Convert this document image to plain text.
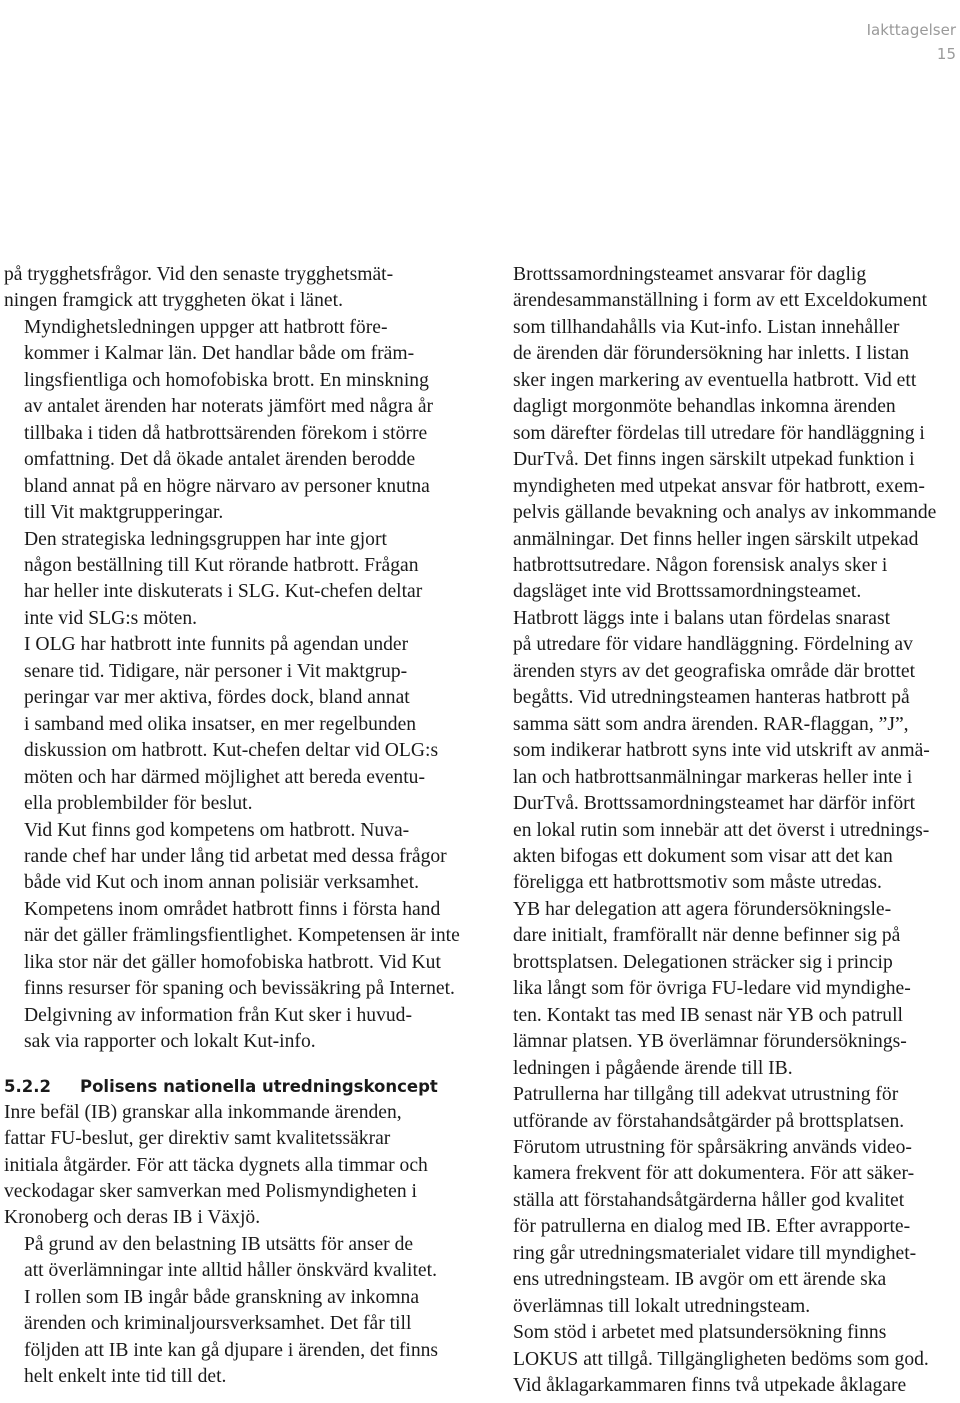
Iakttagelser
15

på trygghetsfrågor. Vid den senaste trygghetsmät-
ningen framgick att tryggheten ökat i länet.

Myndighetsledningen uppger att hatbrott före-
kommer i Kalmar län. Det handlar både om främ-
lingsfientliga och homofobiska brott. En minskning
av antalet ärenden har noterats jämfört med några år
tillbaka i tiden då hatbrottsärenden förekom i större
omfattning. Det då ökade antalet ärenden berodde
bland annat på en högre närvaro av personer knutna
till Vit maktgrupperingar.

Den strategiska ledningsgruppen har inte gjort
någon beställning till Kut rörande hatbrott. Frågan
har heller inte diskuterats i SLG. Kut-chefen deltar
inte vid SLG:s möten.

I OLG har hatbrott inte funnits på agendan under
senare tid. Tidigare, när personer i Vit maktgrup-
peringar var mer aktiva, fördes dock, bland annat
i samband med olika insatser, en mer regelbunden
diskussion om hatbrott. Kut-chefen deltar vid OLG:s
möten och har därmed möjlighet att bereda eventu-
ella problembilder för beslut.

Vid Kut finns god kompetens om hatbrott. Nuva-
rande chef har under lång tid arbetat med dessa frågor
både vid Kut och inom annan polisiär verksamhet.
Kompetens inom området hatbrott finns i första hand
när det gäller främlingsfientlighet. Kompetensen är inte
lika stor när det gäller homofobiska hatbrott. Vid Kut
finns resurser för spaning och bevissäkring på Internet.

Delgivning av information från Kut sker i huvud-
sak via rapporter och lokalt Kut-info.

5.2.2 Polisens nationella utredningskoncept

Inre befäl (IB) granskar alla inkommande ärenden,
fattar FU-beslut, ger direktiv samt kvalitetssäkrar
initiala åtgärder. För att täcka dygnets alla timmar och
veckodagar sker samverkan med Polismyndigheten i
Kronoberg och deras IB i Växjö.

På grund av den belastning IB utsätts för anser de
att överlämningar inte alltid håller önskvärd kvalitet.
I rollen som IB ingår både granskning av inkomna
ärenden och kriminaljoursverksamhet. Det får till
följden att IB inte kan gå djupare i ärenden, det finns
helt enkelt inte tid till det.

Brottssamordningsteamet ansvarar för daglig
ärendesammanställning i form av ett Exceldokument
som tillhandahålls via Kut-info. Listan innehåller
de ärenden där förundersökning har inletts. I listan
sker ingen markering av eventuella hatbrott. Vid ett
dagligt morgonmöte behandlas inkomna ärenden
som därefter fördelas till utredare för handläggning i
DurTvå. Det finns ingen särskilt utpekad funktion i
myndigheten med utpekat ansvar för hatbrott, exem-
pelvis gällande bevakning och analys av inkommande
anmälningar. Det finns heller ingen särskilt utpekad
hatbrottsutredare. Någon forensisk analys sker i
dagsläget inte vid Brottssamordningsteamet.

Hatbrott läggs inte i balans utan fördelas snarast
på utredare för vidare handläggning. Fördelning av
ärenden styrs av det geografiska område där brottet
begåtts. Vid utredningsteamen hanteras hatbrott på
samma sätt som andra ärenden. RAR-flaggan, ”J”,
som indikerar hatbrott syns inte vid utskrift av anmä-
lan och hatbrottsanmälningar markeras heller inte i
DurTvå. Brottssamordningsteamet har därför infört
en lokal rutin som innebär att det överst i utrednings-
akten bifogas ett dokument som visar att det kan
föreligga ett hatbrottsmotiv som måste utredas.

YB har delegation att agera förundersökningsle-
dare initialt, framförallt när denne befinner sig på
brottsplatsen. Delegationen sträcker sig i princip
lika långt som för övriga FU-ledare vid myndighe-
ten. Kontakt tas med IB senast när YB och patrull
lämnar platsen. YB överlämnar förundersöknings-
ledningen i pågående ärende till IB.

Patrullerna har tillgång till adekvat utrustning för
utförande av förstahandsåtgärder på brottsplatsen.
Förutom utrustning för spårsäkring används video-
kamera frekvent för att dokumentera. För att säker-
ställa att förstahandsåtgärderna håller god kvalitet
för patrullerna en dialog med IB. Efter avrapporte-
ring går utredningsmaterialet vidare till myndighet-
ens utredningsteam. IB avgör om ett ärende ska
överlämnas till lokalt utredningsteam.

Som stöd i arbetet med platsundersökning finns
LOKUS att tillgå. Tillgängligheten bedöms som god.
Vid åklagarkammaren finns två utpekade åklagare
